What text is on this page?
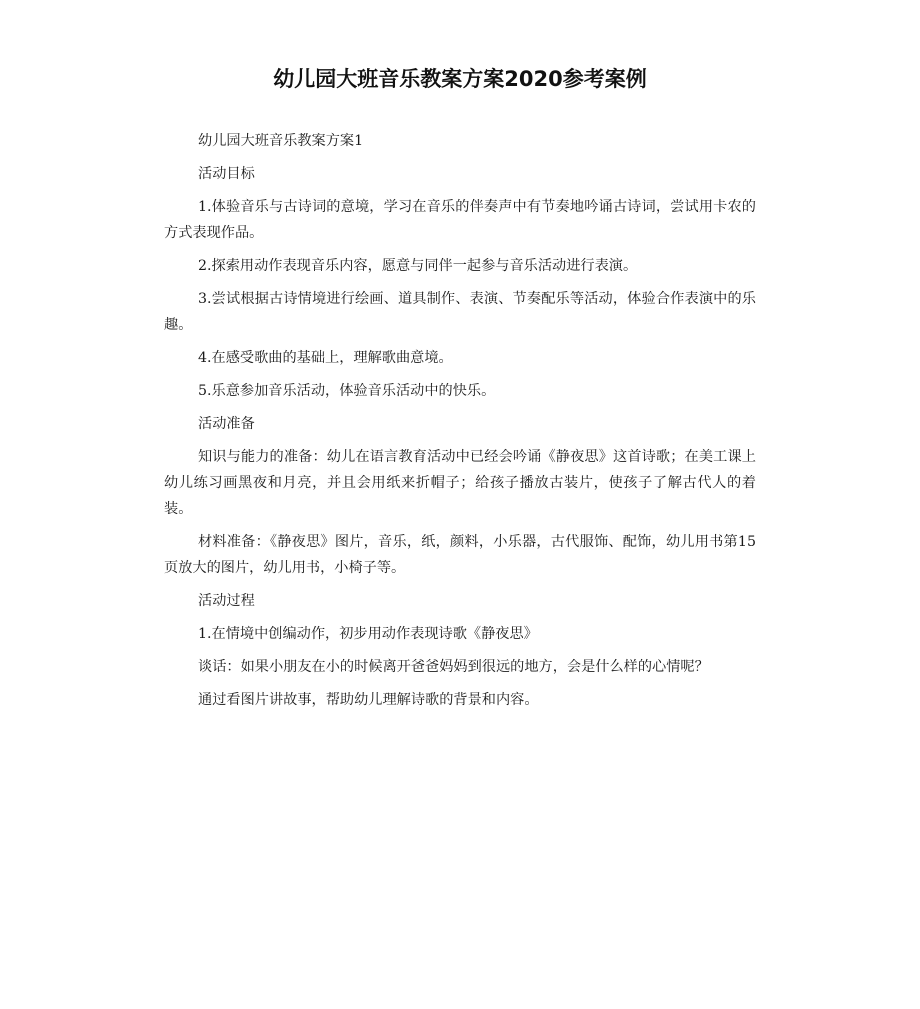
幼儿园大班音乐教案方案2020参考案例

幼儿园大班音乐教案方案1

活动目标

1.体验音乐与古诗词的意境，学习在音乐的伴奏声中有节奏地吟诵古诗词，尝试用卡农的方式表现作品。

2.探索用动作表现音乐内容，愿意与同伴一起参与音乐活动进行表演。

3.尝试根据古诗情境进行绘画、道具制作、表演、节奏配乐等活动，体验合作表演中的乐趣。

4.在感受歌曲的基础上，理解歌曲意境。

5.乐意参加音乐活动，体验音乐活动中的快乐。

活动准备

知识与能力的准备：幼儿在语言教育活动中已经会吟诵《静夜思》这首诗歌；在美工课上幼儿练习画黑夜和月亮，并且会用纸来折帽子；给孩子播放古装片，使孩子了解古代人的着装。

材料准备：《静夜思》图片，音乐，纸，颜料，小乐器，古代服饰、配饰，幼儿用书第15页放大的图片，幼儿用书，小椅子等。

活动过程

1.在情境中创编动作，初步用动作表现诗歌《静夜思》

谈话：如果小朋友在小的时候离开爸爸妈妈到很远的地方，会是什么样的心情呢？

通过看图片讲故事，帮助幼儿理解诗歌的背景和内容。
